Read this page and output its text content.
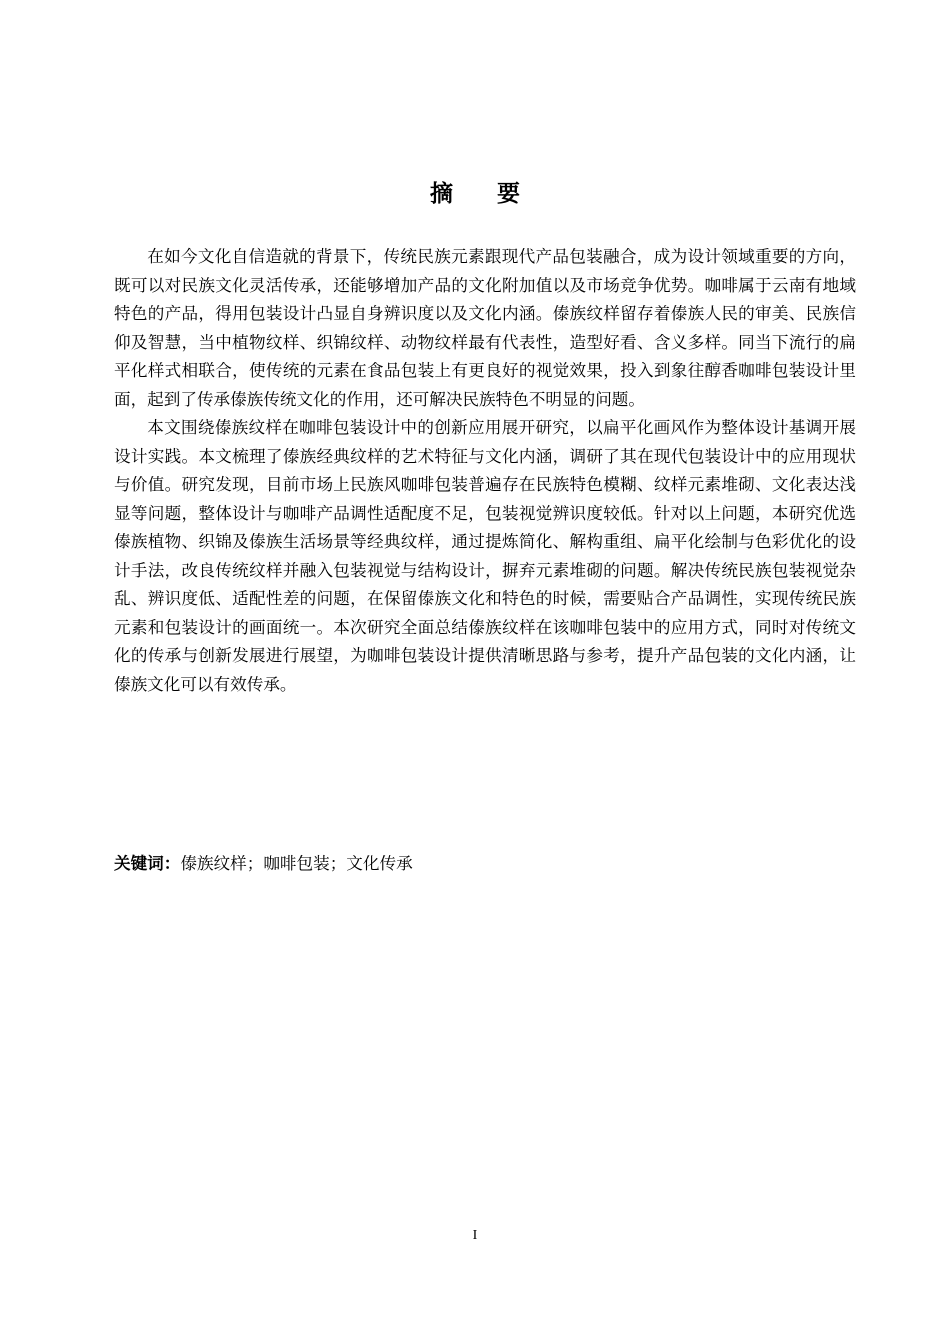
摘 要

在如今文化自信造就的背景下，传统民族元素跟现代产品包装融合，成为设计领域重要的方向，既可以对民族文化灵活传承，还能够增加产品的文化附加值以及市场竞争优势。咖啡属于云南有地域特色的产品，得用包装设计凸显自身辨识度以及文化内涵。傣族纹样留存着傣族人民的审美、民族信仰及智慧，当中植物纹样、织锦纹样、动物纹样最有代表性，造型好看、含义多样。同当下流行的扁平化样式相联合，使传统的元素在食品包装上有更良好的视觉效果，投入到象往醇香咖啡包装设计里面，起到了传承傣族传统文化的作用，还可解决民族特色不明显的问题。

本文围绕傣族纹样在咖啡包装设计中的创新应用展开研究，以扁平化画风作为整体设计基调开展设计实践。本文梳理了傣族经典纹样的艺术特征与文化内涵，调研了其在现代包装设计中的应用现状与价值。研究发现，目前市场上民族风咖啡包装普遍存在民族特色模糊、纹样元素堆砌、文化表达浅显等问题，整体设计与咖啡产品调性适配度不足，包装视觉辨识度较低。针对以上问题，本研究优选傣族植物、织锦及傣族生活场景等经典纹样，通过提炼简化、解构重组、扁平化绘制与色彩优化的设计手法，改良传统纹样并融入包装视觉与结构设计，摒弃元素堆砌的问题。解决传统民族包装视觉杂乱、辨识度低、适配性差的问题，在保留傣族文化和特色的时候，需要贴合产品调性，实现传统民族元素和包装设计的画面统一。本次研究全面总结傣族纹样在该咖啡包装中的应用方式，同时对传统文化的传承与创新发展进行展望，为咖啡包装设计提供清晰思路与参考，提升产品包装的文化内涵，让傣族文化可以有效传承。

关键词：傣族纹样；咖啡包装；文化传承
I
